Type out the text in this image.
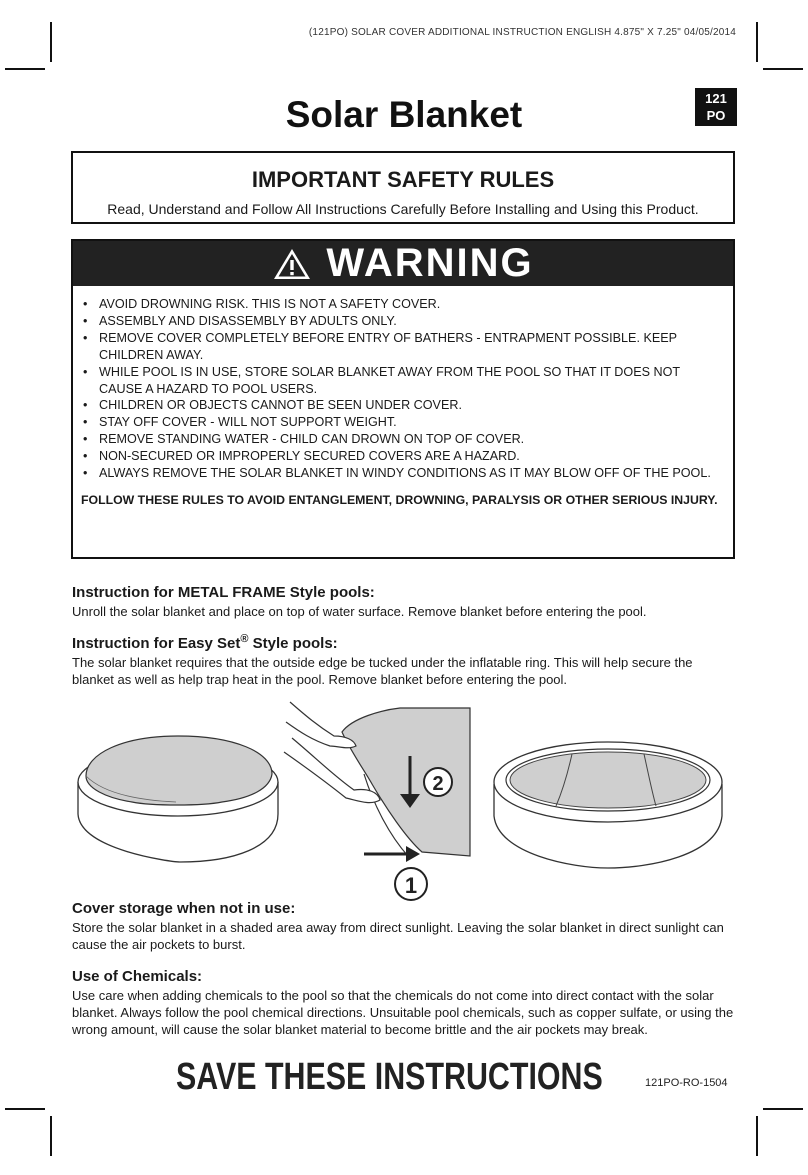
(121PO) SOLAR COVER ADDITIONAL INSTRUCTION ENGLISH 4.875" X 7.25" 04/05/2014
121
PO
Solar Blanket
IMPORTANT SAFETY RULES
Read, Understand and Follow All Instructions Carefully Before Installing and Using this Product.
WARNING
• AVOID DROWNING RISK. THIS IS NOT A SAFETY COVER.
• ASSEMBLY AND DISASSEMBLY BY ADULTS ONLY.
• REMOVE COVER COMPLETELY BEFORE ENTRY OF BATHERS - ENTRAPMENT POSSIBLE. KEEP CHILDREN AWAY.
• WHILE POOL IS IN USE, STORE SOLAR BLANKET AWAY FROM THE POOL SO THAT IT DOES NOT CAUSE A HAZARD TO POOL USERS.
• CHILDREN OR OBJECTS CANNOT BE SEEN UNDER COVER.
• STAY OFF COVER - WILL NOT SUPPORT WEIGHT.
• REMOVE STANDING WATER - CHILD CAN DROWN ON TOP OF COVER.
• NON-SECURED OR IMPROPERLY SECURED COVERS ARE A HAZARD.
• ALWAYS REMOVE THE SOLAR BLANKET IN WINDY CONDITIONS AS IT MAY BLOW OFF OF THE POOL.
FOLLOW THESE RULES TO AVOID ENTANGLEMENT, DROWNING, PARALYSIS OR OTHER SERIOUS INJURY.

Instruction for METAL FRAME Style pools:

Unroll the solar blanket and place on top of water surface. Remove blanket before entering the pool.

Instruction for Easy Set® Style pools:

The solar blanket requires that the outside edge be tucked under the inflatable ring. This will help secure the blanket as well as help trap heat in the pool. Remove blanket before entering the pool.

2
1

Cover storage when not in use:

Store the solar blanket in a shaded area away from direct sunlight. Leaving the solar blanket in direct sunlight can cause the air pockets to burst.

Use of Chemicals:

Use care when adding chemicals to the pool so that the chemicals do not come into direct contact with the solar blanket. Always follow the pool chemical directions. Unsuitable pool chemicals, such as copper sulfate, or using the wrong amount, will cause the solar blanket material to become brittle and the air pockets may break.

SAVE THESE INSTRUCTIONS	121PO-RO-1504
